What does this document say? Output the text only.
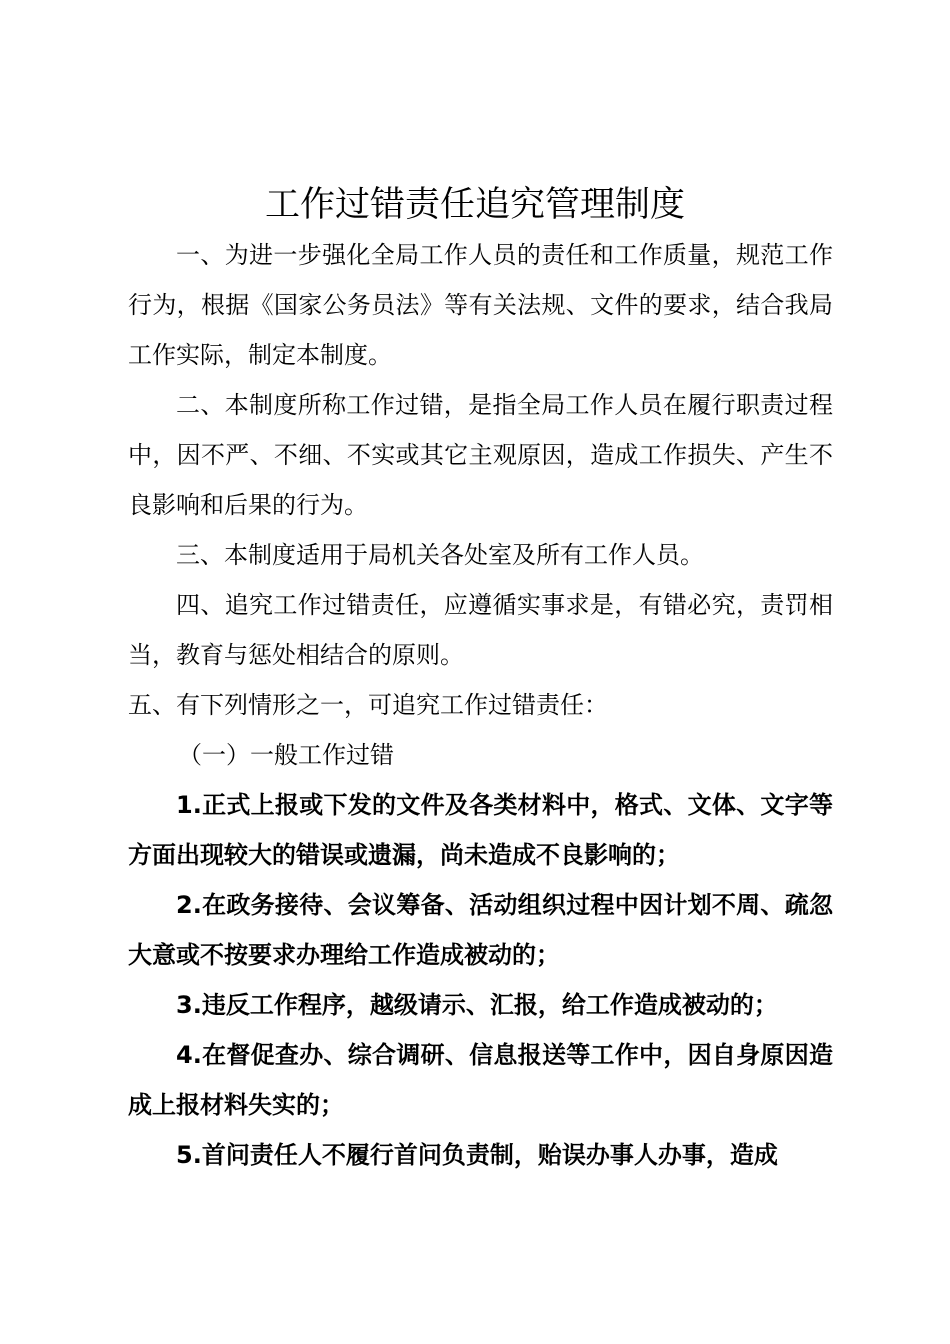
工作过错责任追究管理制度

一、为进一步强化全局工作人员的责任和工作质量，规范工作行为，根据《国家公务员法》等有关法规、文件的要求，结合我局工作实际，制定本制度。

二、本制度所称工作过错，是指全局工作人员在履行职责过程中，因不严、不细、不实或其它主观原因，造成工作损失、产生不良影响和后果的行为。

三、本制度适用于局机关各处室及所有工作人员。

四、追究工作过错责任，应遵循实事求是，有错必究，责罚相当，教育与惩处相结合的原则。

五、有下列情形之一，可追究工作过错责任：

（一）一般工作过错

1.正式上报或下发的文件及各类材料中，格式、文体、文字等方面出现较大的错误或遗漏，尚未造成不良影响的；

2.在政务接待、会议筹备、活动组织过程中因计划不周、疏忽大意或不按要求办理给工作造成被动的；

3.违反工作程序，越级请示、汇报，给工作造成被动的；

4.在督促查办、综合调研、信息报送等工作中，因自身原因造成上报材料失实的；

5.首问责任人不履行首问负责制，贻误办事人办事，造成
